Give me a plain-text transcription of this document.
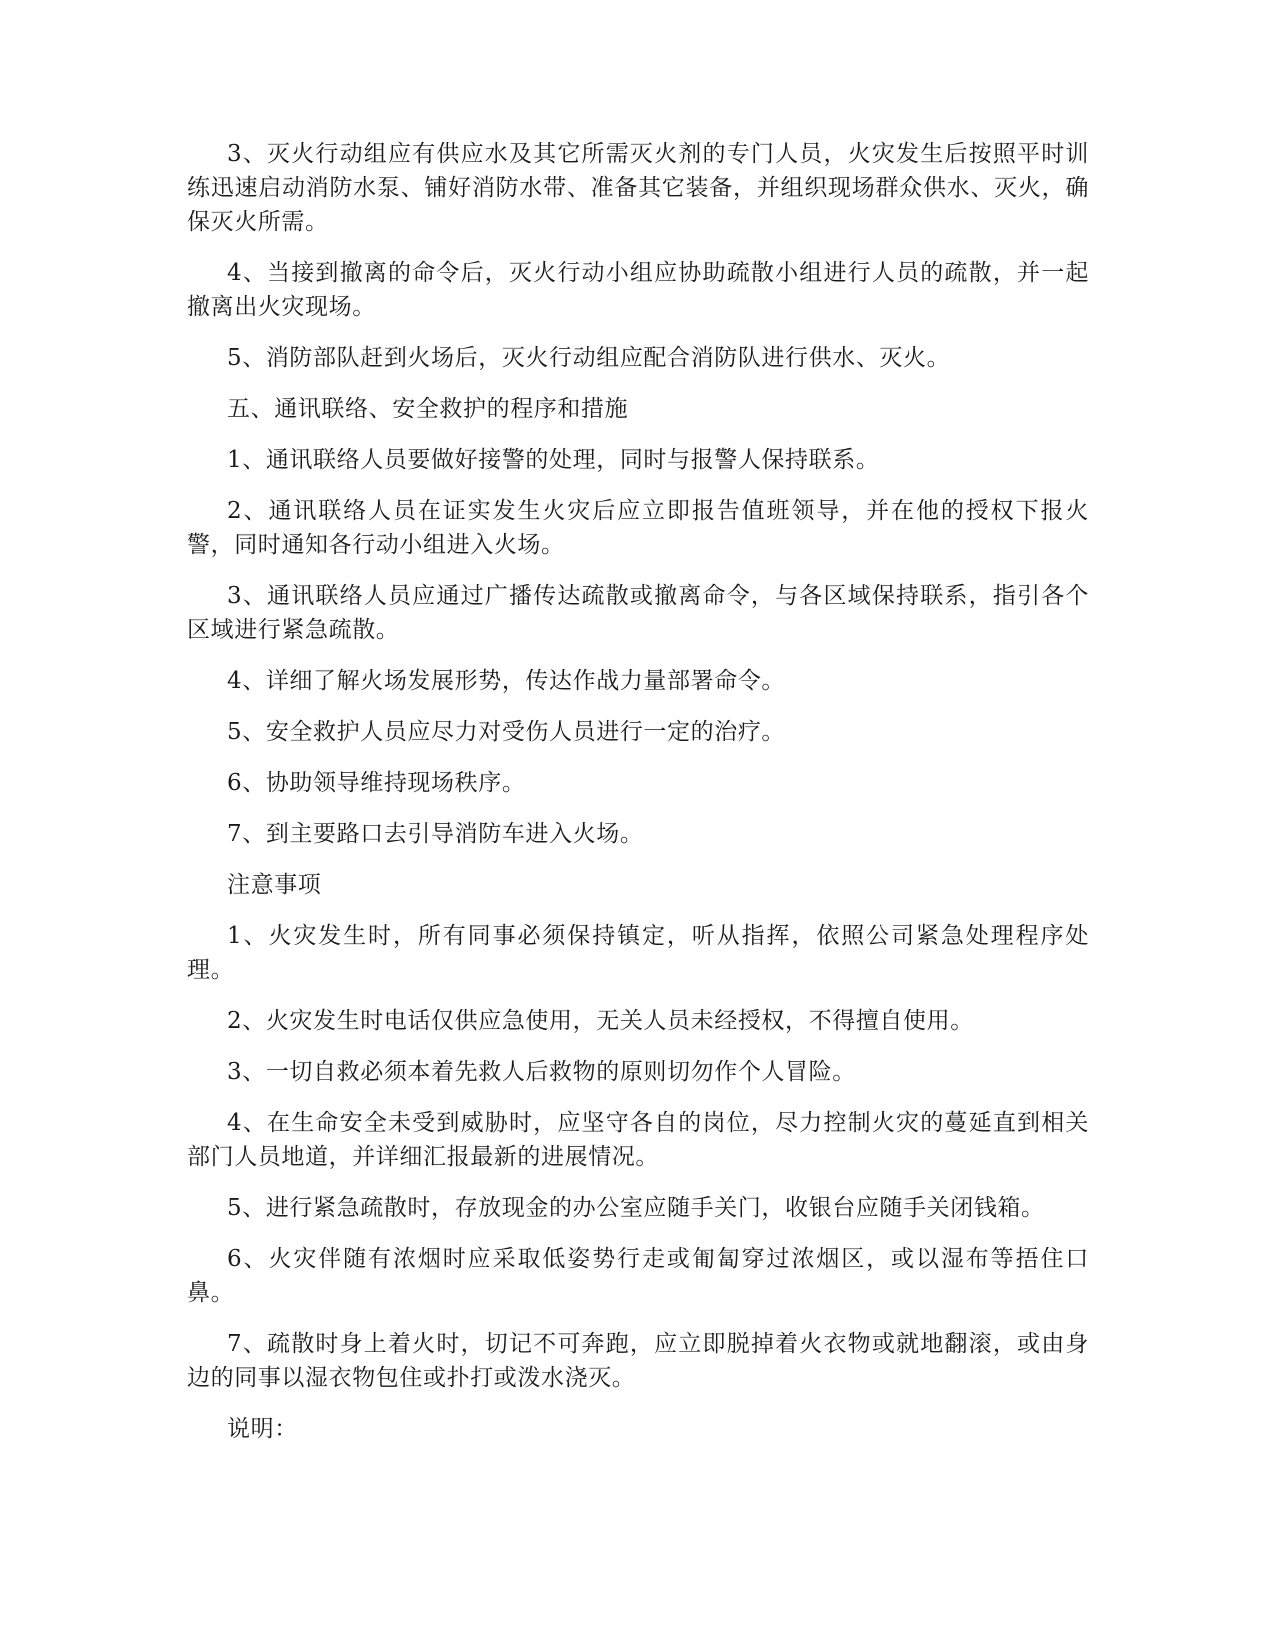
3、灭火行动组应有供应水及其它所需灭火剂的专门人员，火灾发生后按照平时训练迅速启动消防水泵、铺好消防水带、准备其它装备，并组织现场群众供水、灭火，确保灭火所需。

4、当接到撤离的命令后，灭火行动小组应协助疏散小组进行人员的疏散，并一起撤离出火灾现场。

5、消防部队赶到火场后，灭火行动组应配合消防队进行供水、灭火。

五、通讯联络、安全救护的程序和措施

1、通讯联络人员要做好接警的处理，同时与报警人保持联系。

2、通讯联络人员在证实发生火灾后应立即报告值班领导，并在他的授权下报火警，同时通知各行动小组进入火场。

3、通讯联络人员应通过广播传达疏散或撤离命令，与各区域保持联系，指引各个区域进行紧急疏散。

4、详细了解火场发展形势，传达作战力量部署命令。

5、安全救护人员应尽力对受伤人员进行一定的治疗。

6、协助领导维持现场秩序。

7、到主要路口去引导消防车进入火场。

注意事项

1、火灾发生时，所有同事必须保持镇定，听从指挥，依照公司紧急处理程序处理。

2、火灾发生时电话仅供应急使用，无关人员未经授权，不得擅自使用。

3、一切自救必须本着先救人后救物的原则切勿作个人冒险。

4、在生命安全未受到威胁时，应坚守各自的岗位，尽力控制火灾的蔓延直到相关部门人员地道，并详细汇报最新的进展情况。

5、进行紧急疏散时，存放现金的办公室应随手关门，收银台应随手关闭钱箱。

6、火灾伴随有浓烟时应采取低姿势行走或匍匐穿过浓烟区，或以湿布等捂住口鼻。

7、疏散时身上着火时，切记不可奔跑，应立即脱掉着火衣物或就地翻滚，或由身边的同事以湿衣物包住或扑打或泼水浇灭。

说明：
